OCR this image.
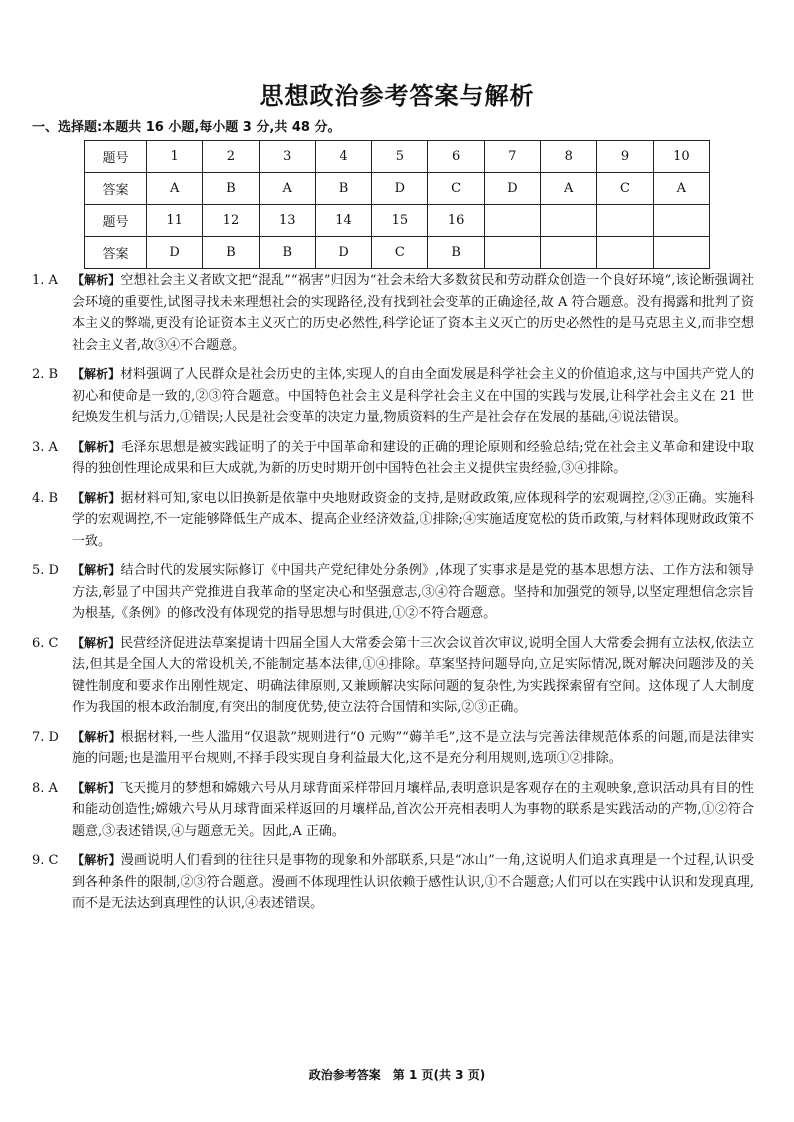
思想政治参考答案与解析

一、选择题:本题共 16 小题,每小题 3 分,共 48 分。

题号	1	2	3	4	5	6	7	8	9	10
答案	A	B	A	B	D	C	D	A	C	A
题号	11	12	13	14	15	16				
答案	D	B	B	D	C	B				
1. A	【解析】空想社会主义者欧文把“混乱”“祸害”归因为“社会未给大多数贫民和劳动群众创造一个良好环境”,该论断强调社会环境的重要性,试图寻找未来理想社会的实现路径,没有找到社会变革的正确途径,故 A 符合题意。没有揭露和批判了资本主义的弊端,更没有论证资本主义灭亡的历史必然性,科学论证了资本主义灭亡的历史必然性的是马克思主义,而非空想社会主义者,故③④不合题意。

2. B	【解析】材料强调了人民群众是社会历史的主体,实现人的自由全面发展是科学社会主义的价值追求,这与中国共产党人的初心和使命是一致的,②③符合题意。中国特色社会主义是科学社会主义在中国的实践与发展,让科学社会主义在 21 世纪焕发生机与活力,①错误;人民是社会变革的决定力量,物质资料的生产是社会存在发展的基础,④说法错误。

3. A	【解析】毛泽东思想是被实践证明了的关于中国革命和建设的正确的理论原则和经验总结;党在社会主义革命和建设中取得的独创性理论成果和巨大成就,为新的历史时期开创中国特色社会主义提供宝贵经验,③④排除。

4. B	【解析】据材料可知,家电以旧换新是依靠中央地财政资金的支持,是财政政策,应体现科学的宏观调控,②③正确。实施科学的宏观调控,不一定能够降低生产成本、提高企业经济效益,①排除;④实施适度宽松的货币政策,与材料体现财政政策不一致。

5. D	【解析】结合时代的发展实际修订《中国共产党纪律处分条例》,体现了实事求是是党的基本思想方法、工作方法和领导方法,彰显了中国共产党推进自我革命的坚定决心和坚强意志,③④符合题意。坚持和加强党的领导,以坚定理想信念宗旨为根基,《条例》的修改没有体现党的指导思想与时俱进,①②不符合题意。

6. C	【解析】民营经济促进法草案提请十四届全国人大常委会第十三次会议首次审议,说明全国人大常委会拥有立法权,依法立法,但其是全国人大的常设机关,不能制定基本法律,①④排除。草案坚持问题导向,立足实际情况,既对解决问题涉及的关键性制度和要求作出刚性规定、明确法律原则,又兼顾解决实际问题的复杂性,为实践探索留有空间。这体现了人大制度作为我国的根本政治制度,有突出的制度优势,使立法符合国情和实际,②③正确。

7. D	【解析】根据材料,一些人滥用“仅退款”规则进行“0 元购”“薅羊毛”,这不是立法与完善法律规范体系的问题,而是法律实施的问题;也是滥用平台规则,不择手段实现自身利益最大化,这不是充分利用规则,选项①②排除。

8. A	【解析】飞天揽月的梦想和嫦娥六号从月球背面采样带回月壤样品,表明意识是客观存在的主观映象,意识活动具有目的性和能动创造性;嫦娥六号从月球背面采样返回的月壤样品,首次公开亮相表明人为事物的联系是实践活动的产物,①②符合题意,③表述错误,④与题意无关。因此,A 正确。

9. C	【解析】漫画说明人们看到的往往只是事物的现象和外部联系,只是“冰山”一角,这说明人们追求真理是一个过程,认识受到各种条件的限制,②③符合题意。漫画不体现理性认识依赖于感性认识,①不合题意;人们可以在实践中认识和发现真理,而不是无法达到真理性的认识,④表述错误。

政治参考答案　第 1 页(共 3 页)
